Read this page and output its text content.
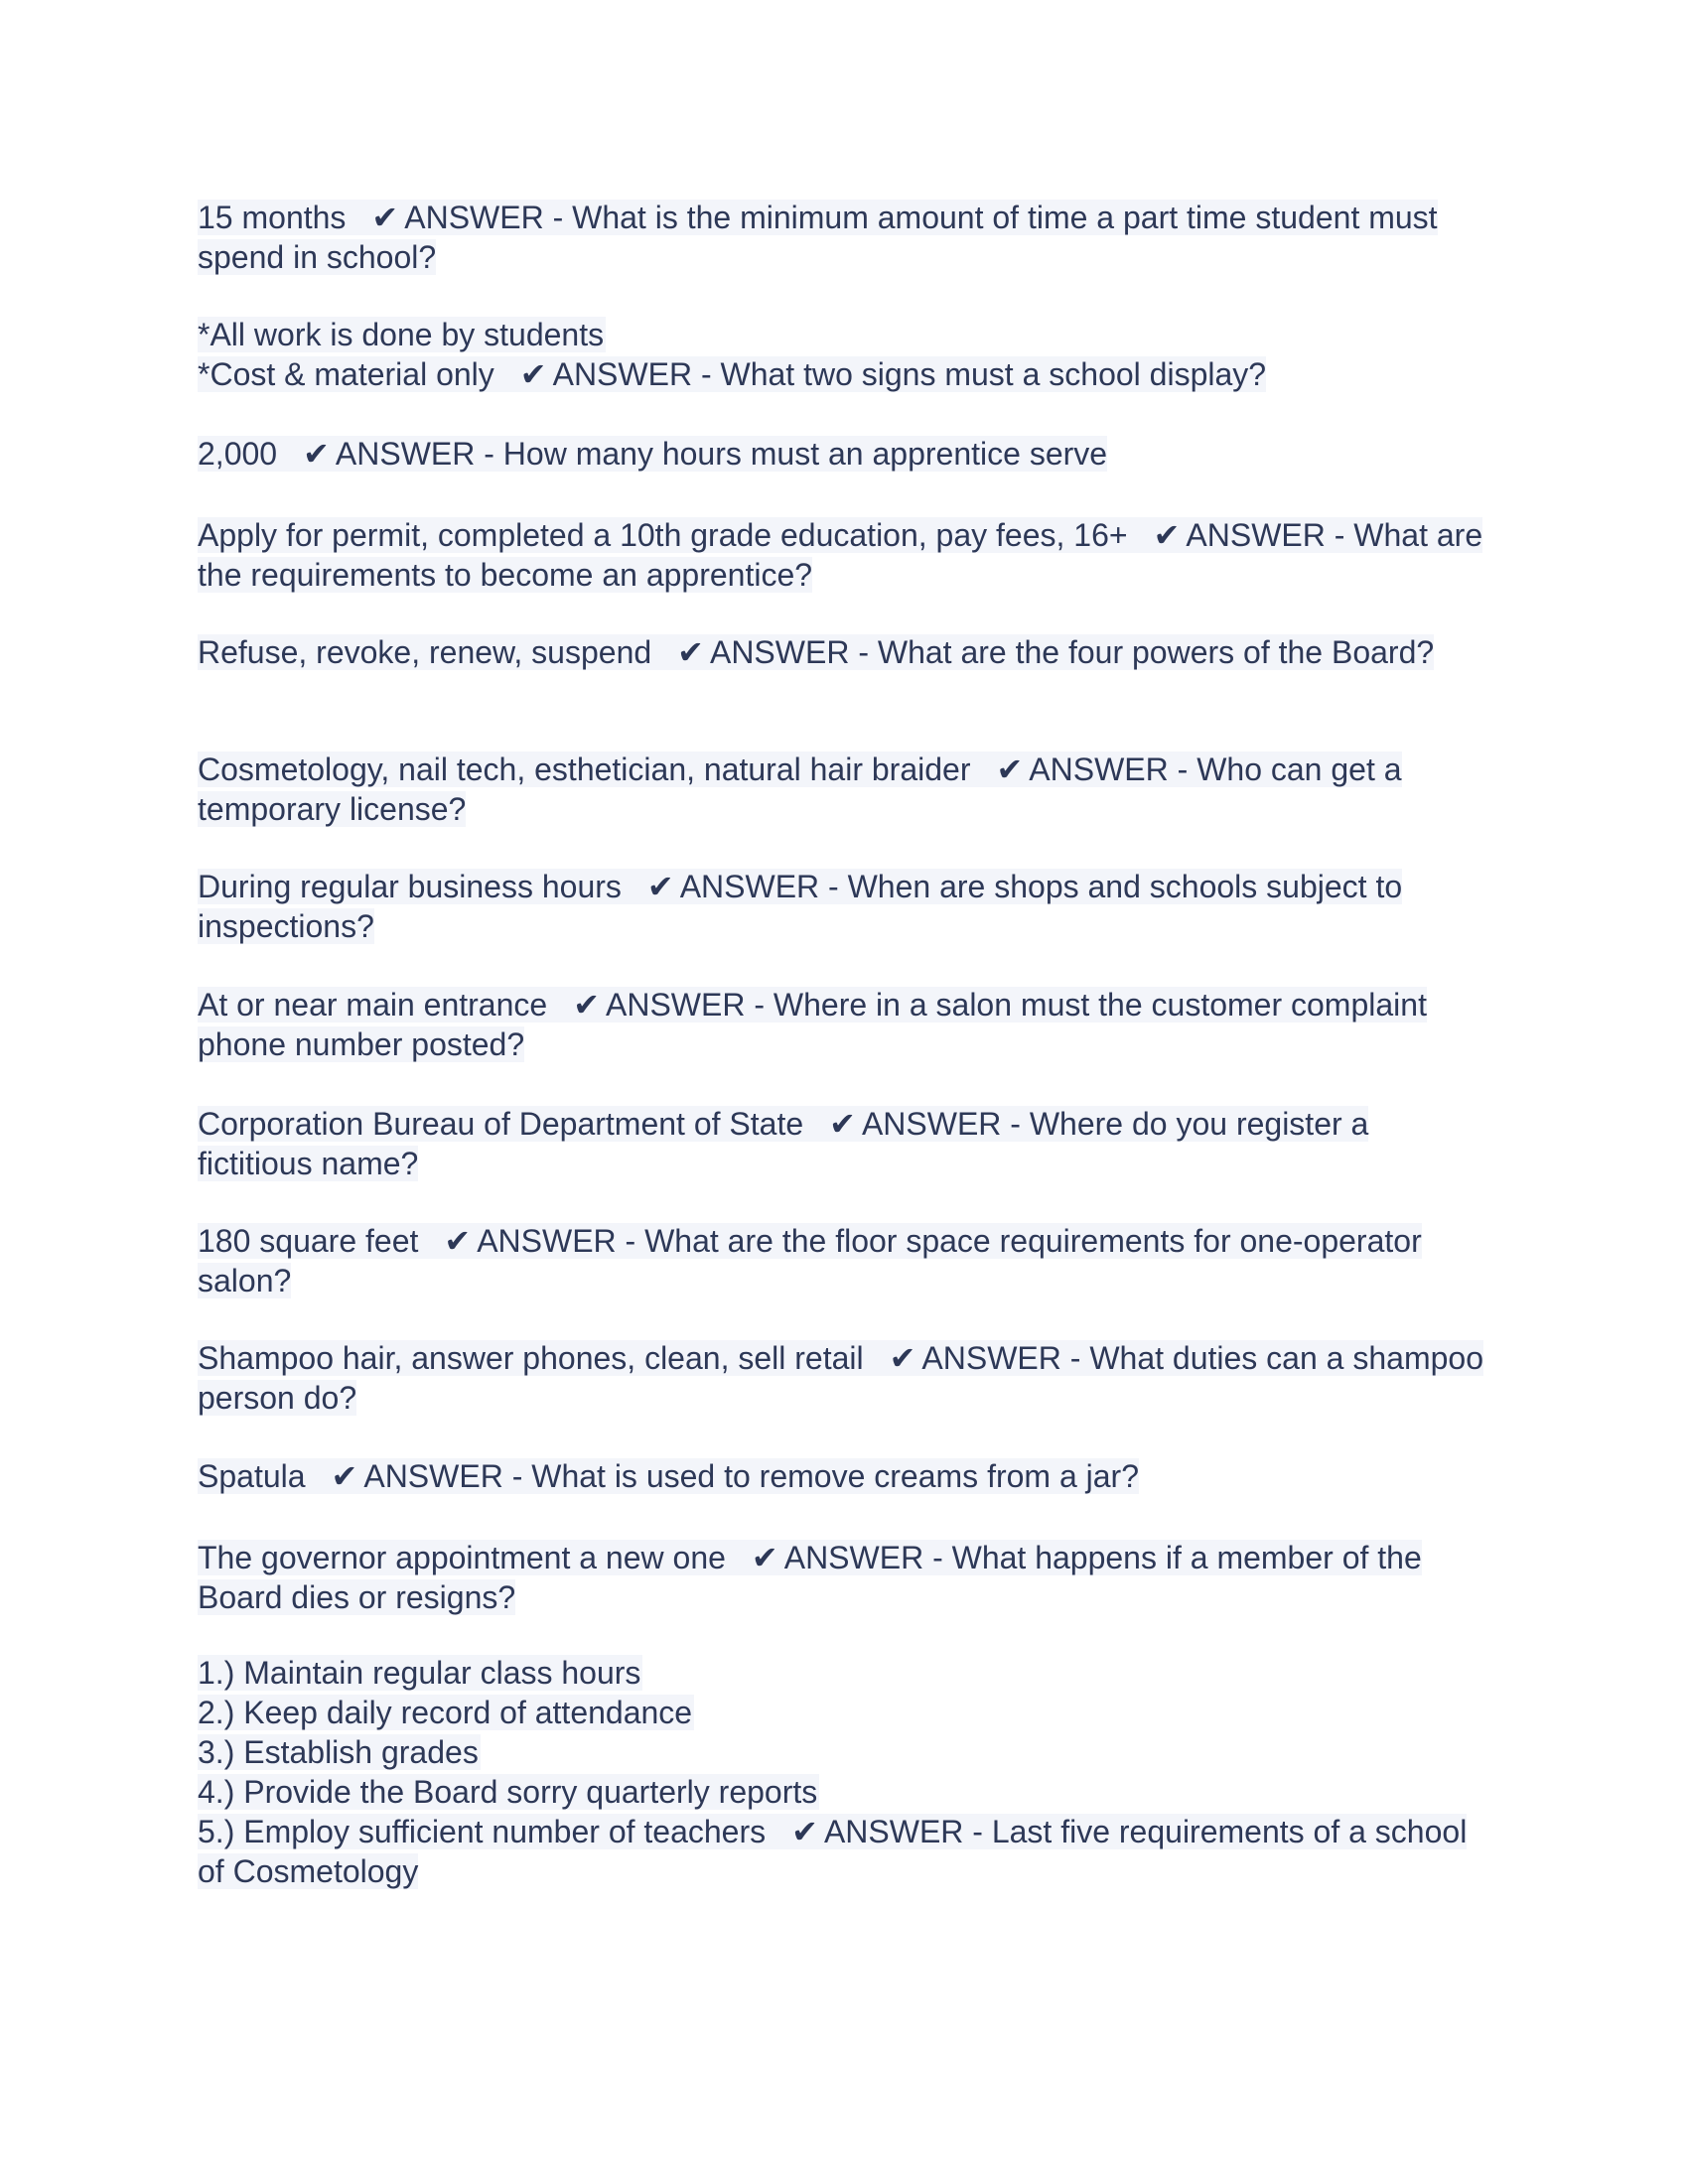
15 months ✔ ANSWER - What is the minimum amount of time a part time student must spend in school?
*All work is done by students
*Cost & material only ✔ ANSWER - What two signs must a school display?
2,000 ✔ ANSWER - How many hours must an apprentice serve
Apply for permit, completed a 10th grade education, pay fees, 16+ ✔ ANSWER - What are the requirements to become an apprentice?
Refuse, revoke, renew, suspend ✔ ANSWER - What are the four powers of the Board?
Cosmetology, nail tech, esthetician, natural hair braider ✔ ANSWER - Who can get a temporary license?
During regular business hours ✔ ANSWER - When are shops and schools subject to inspections?
At or near main entrance ✔ ANSWER - Where in a salon must the customer complaint phone number posted?
Corporation Bureau of Department of State ✔ ANSWER - Where do you register a fictitious name?
180 square feet ✔ ANSWER - What are the floor space requirements for one-operator salon?
Shampoo hair, answer phones, clean, sell retail ✔ ANSWER - What duties can a shampoo person do?
Spatula ✔ ANSWER - What is used to remove creams from a jar?
The governor appointment a new one ✔ ANSWER - What happens if a member of the Board dies or resigns?
1.) Maintain regular class hours
2.) Keep daily record of attendance
3.) Establish grades
4.) Provide the Board sorry quarterly reports
5.) Employ sufficient number of teachers ✔ ANSWER - Last five requirements of a school of Cosmetology
